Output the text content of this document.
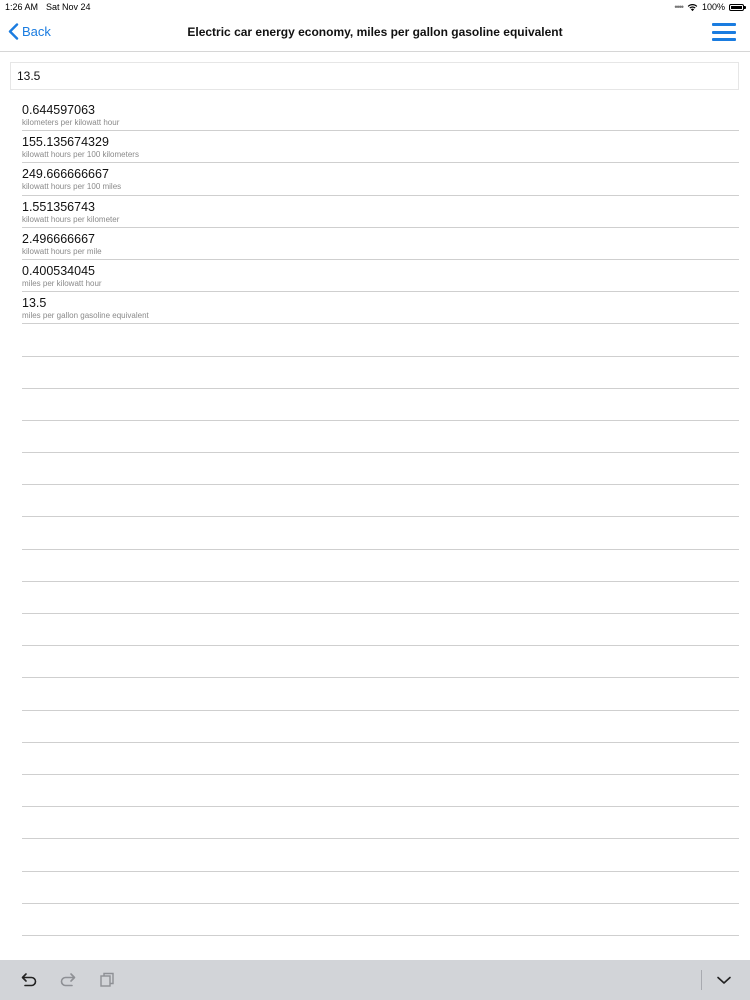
1:26 AM Sat Nov 24	•••• 100%
Back	Electric car energy economy, miles per gallon gasoline equivalent
13.5
0.644597063
kilometers per kilowatt hour
155.135674329
kilowatt hours per 100 kilometers
249.666666667
kilowatt hours per 100 miles
1.551356743
kilowatt hours per kilometer
2.496666667
kilowatt hours per mile
0.400534045
miles per kilowatt hour
13.5
miles per gallon gasoline equivalent
